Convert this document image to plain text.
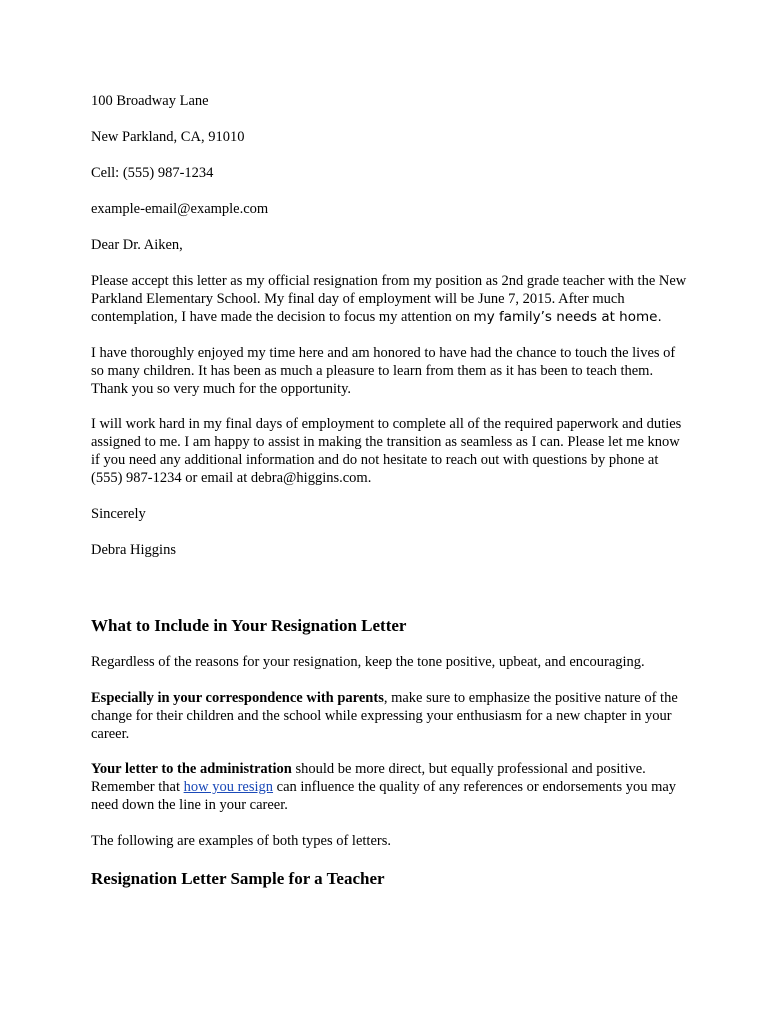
100 Broadway Lane
New Parkland, CA, 91010
Cell: (555) 987-1234
example-email@example.com
Dear Dr. Aiken,
Please accept this letter as my official resignation from my position as 2nd grade teacher with the New Parkland Elementary School. My final day of employment will be June 7, 2015. After much contemplation, I have made the decision to focus my attention on my family’s needs at home.
I have thoroughly enjoyed my time here and am honored to have had the chance to touch the lives of so many children. It has been as much a pleasure to learn from them as it has been to teach them. Thank you so very much for the opportunity.
I will work hard in my final days of employment to complete all of the required paperwork and duties assigned to me. I am happy to assist in making the transition as seamless as I can. Please let me know if you need any additional information and do not hesitate to reach out with questions by phone at (555) 987-1234 or email at debra@higgins.com.
Sincerely
Debra Higgins
What to Include in Your Resignation Letter
Regardless of the reasons for your resignation, keep the tone positive, upbeat, and encouraging.
Especially in your correspondence with parents, make sure to emphasize the positive nature of the change for their children and the school while expressing your enthusiasm for a new chapter in your career.
Your letter to the administration should be more direct, but equally professional and positive. Remember that how you resign can influence the quality of any references or endorsements you may need down the line in your career.
The following are examples of both types of letters.
Resignation Letter Sample for a Teacher
